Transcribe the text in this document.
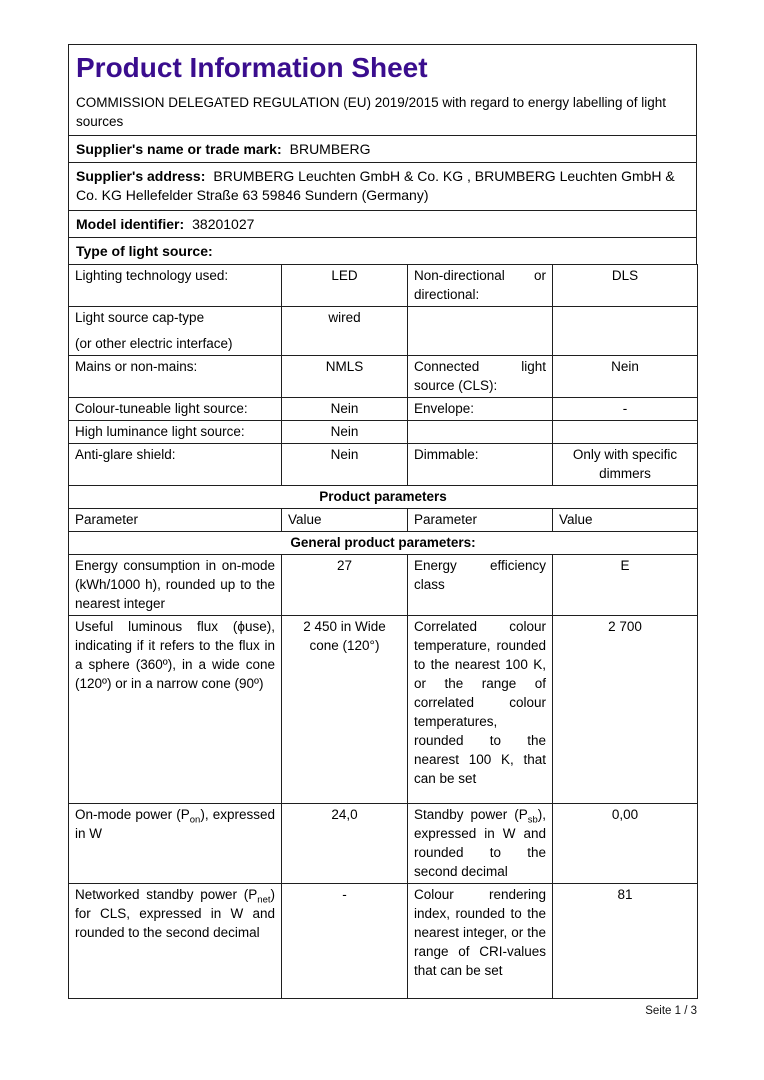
Product Information Sheet

COMMISSION DELEGATED REGULATION (EU) 2019/2015 with regard to energy labelling of light sources

Supplier's name or trade mark: BRUMBERG
Supplier's address: BRUMBERG Leuchten GmbH & Co. KG , BRUMBERG Leuchten GmbH & Co. KG Hellefelder Straße 63 59846 Sundern (Germany)
Model identifier: 38201027
Type of light source:
Lighting technology used:	LED	Non-directional or directional:	DLS

Light source cap-type
(or other electric interface)	wired		
Mains or non-mains:	NMLS	Connected light source (CLS):	Nein
Colour-tuneable light source:	Nein	Envelope:	-
High luminance light source:	Nein		
Anti-glare shield:	Nein	Dimmable:	Only with specific dimmers
Product parameters			
Parameter	Value	Parameter	Value
General product parameters:			
Energy consumption in on-mode (kWh/1000 h), rounded up to the nearest integer	27	Energy efficiency class	E
Useful luminous flux (ϕuse), indicating if it refers to the flux in a sphere (360º), in a wide cone (120º) or in a narrow cone (90º)	2 450 in Wide cone (120°)	Correlated colour temperature, rounded to the nearest 100 K, or the range of correlated colour temperatures, rounded to the nearest 100 K, that can be set	2 700
On-mode power $(P_{on})$, expressed in W	24,0	Standby power $(P_{sb})$, expressed in W and rounded to the second decimal	0,00
Networked standby power $(P_{net})$ for CLS, expressed in W and rounded to the second decimal	-	Colour rendering index, rounded to the nearest integer, or the range of CRI-values that can be set	81
Seite 1 / 3
